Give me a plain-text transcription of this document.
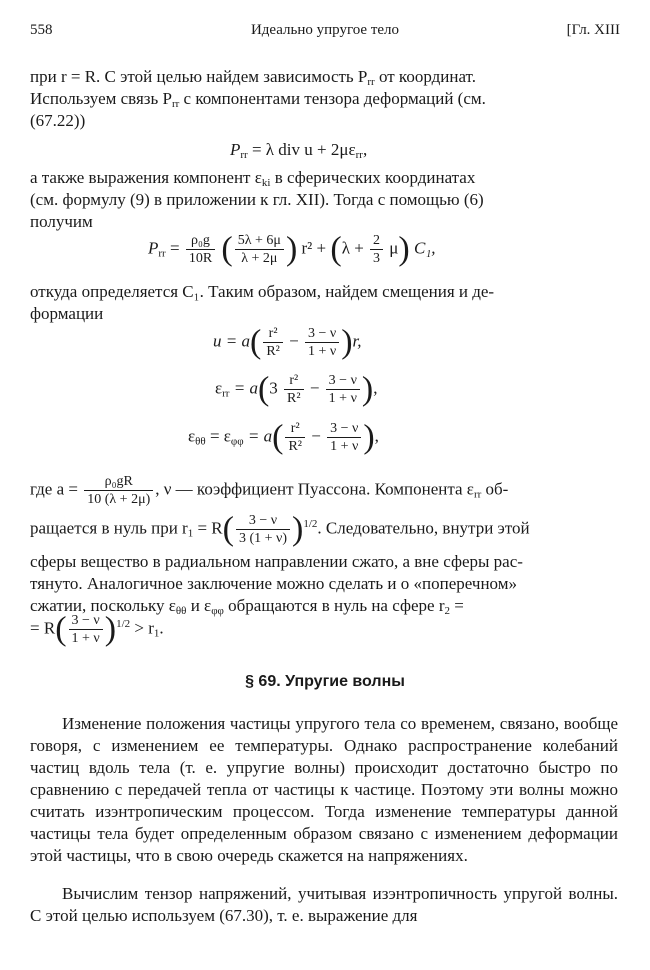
558	Идеально упругое тело	[Гл. XIII
при r = R. С этой целью найдем зависимость $P_{rr}$ от координат.
Используем связь $P_{rr}$ с компонентами тензора деформаций (см.
(67.22))
$P_{rr} = \lambda$ div $u + 2\mu\varepsilon_{rr}$,
а также выражения компонент $\varepsilon_{ki}$ в сферических координатах
(см. формулу (9) в приложении к гл. XII). Тогда с помощью (6)
получим
$P_{rr} = \frac{\text{ρ₀g}}{10R}$ ( $\frac{5\lambda + 6\mu}{\lambda + 2\mu}$ ) $r^2 + (\lambda + \frac{2}{3} \mu)$ C₁,
откуда определяется C₁. Таким образом, найдем смещения и де-
формации
$u = a( \frac{\text{r²}}{\text{R²}} - \frac{3 - \nu}{1 + \nu} )r$,
$\varepsilon_{rr} = a(3 \frac{\text{r²}}{\text{R²}} - \frac{3 - \nu}{1 + \nu}$ ),
$\varepsilon_{\theta\theta} = \varepsilon_{\varphi\varphi} = a( \frac{\text{r²}}{\text{R²}} - \frac{3 - \nu}{1 + \nu}$ ),
где $a = \frac{\text{ρ₀gR}}{10 (\lambda + 2\mu)}$ , ν — коэффициент Пуассона. Компонента $\varepsilon_{rr}$ об-
ращается в нуль при $r_1 = R( \frac{3 - \nu}{3 (1 + \nu)} )^{1/2}$. Следовательно, внутри этой
сферы вещество в радиальном направлении сжато, а вне сферы рас-
тянуто. Аналогичное заключение можно сделать и о «поперечном»
сжатии, поскольку $\varepsilon_{\theta\theta}$ и $\varepsilon_{\varphi\varphi}$ обращаются в нуль на сфере $r_2$ =
= $R( \frac{3 - \nu}{1 + \nu} )^{1/2} > r_1$.
§ 69. Упругие волны
Изменение положения частицы упругого тела со временем, связано, вообще говоря, с изменением ее температуры. Однако распространение колебаний частиц вдоль тела (т. е. упругие волны) происходит достаточно быстро по сравнению с передачей тепла от частицы к частице. Поэтому эти волны можно считать изэнтропическим процессом. Тогда изменение температуры данной частицы тела будет определенным образом связано с изменением деформации этой частицы, что в свою очередь скажется на напряжениях.
Вычислим тензор напряжений, учитывая изэнтропичность упругой волны. С этой целью используем (67.30), т. е. выражение для
